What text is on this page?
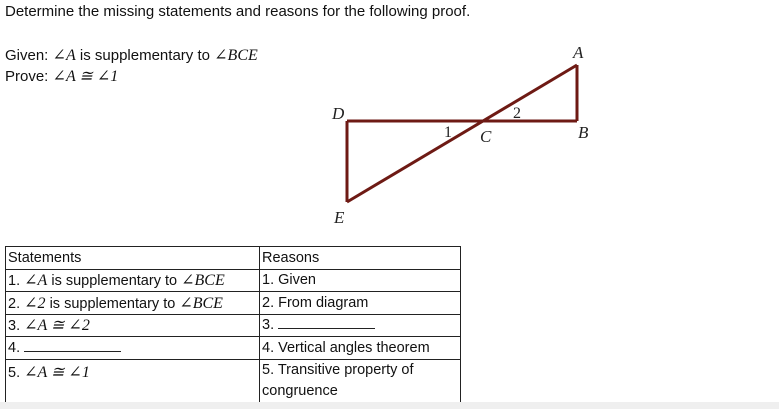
Determine the missing statements and reasons for the following proof.
Given: ∠A is supplementary to ∠BCE
Prove: ∠A ≅ ∠1
A
B
C
D
E
1
2
Statements	Reasons
1. ∠A is supplementary to ∠BCE	1. Given
2. ∠2 is supplementary to ∠BCE	2. From diagram
3. ∠A ≅ ∠2	3.
4.	4. Vertical angles theorem
5. ∠A ≅ ∠1	5. Transitive property of
congruence
